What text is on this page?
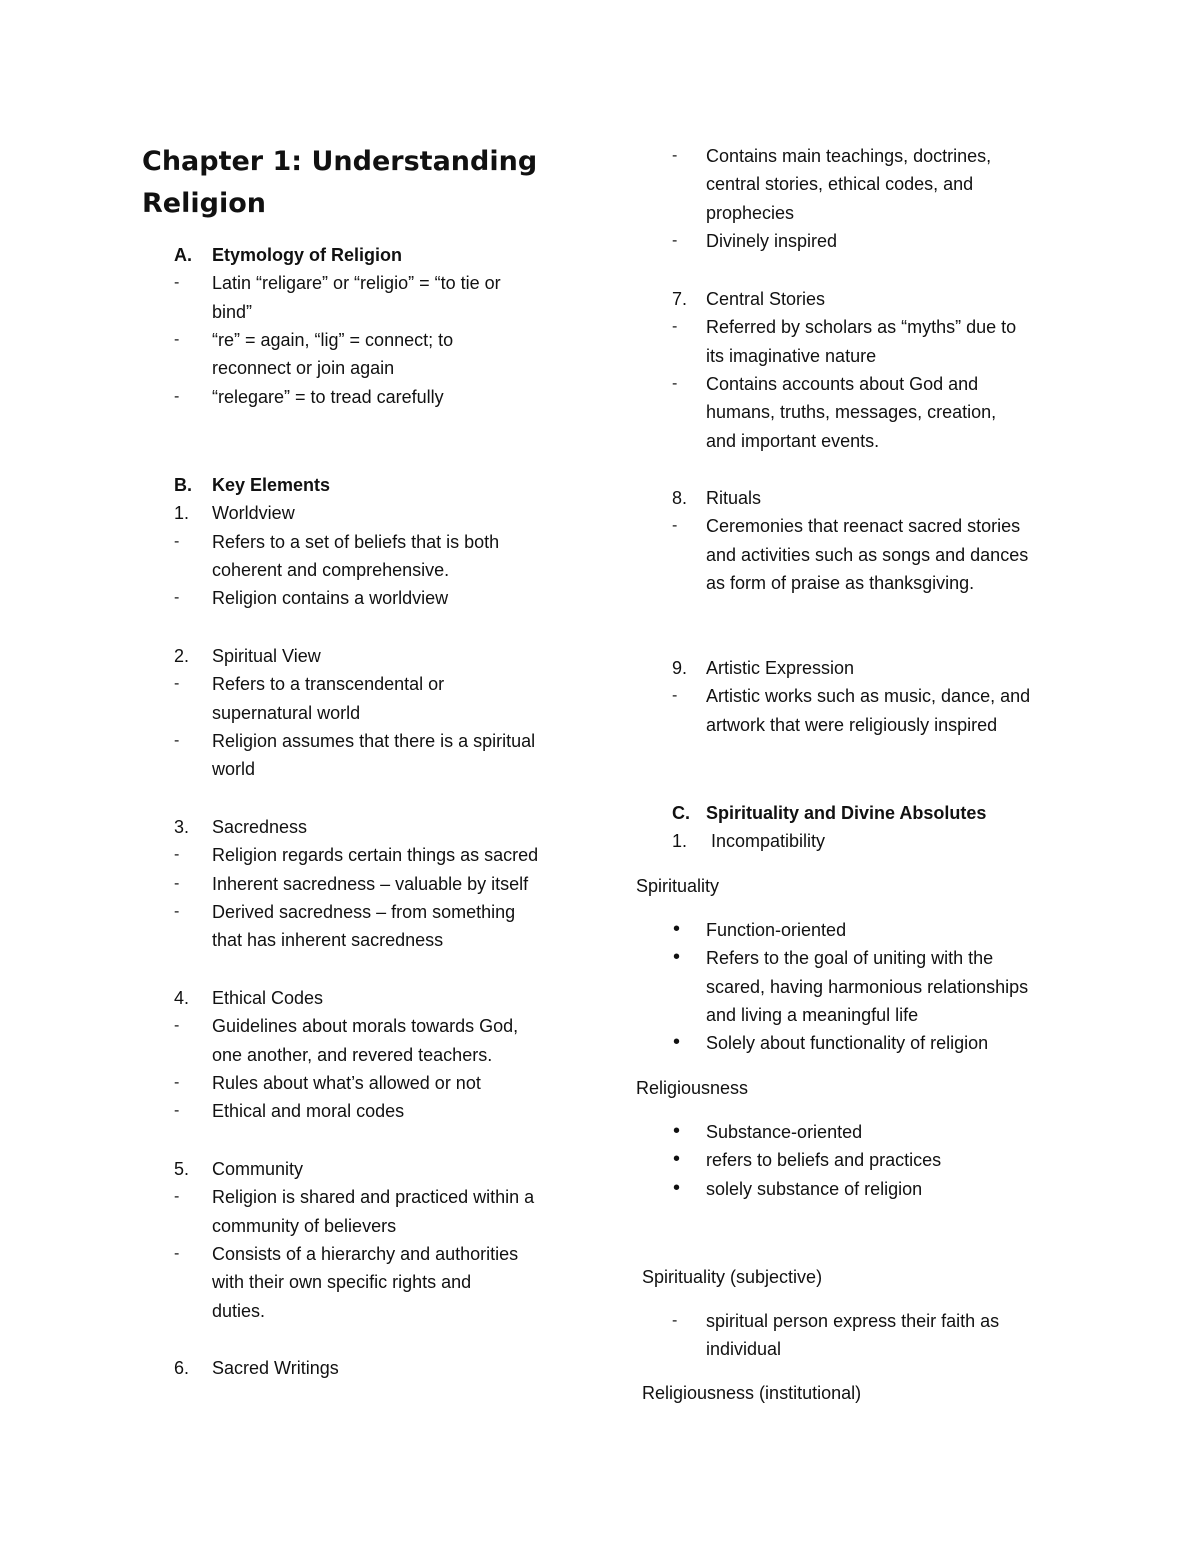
Chapter 1: Understanding Religion
A. Etymology of Religion
- Latin “religare” or “religio” = “to tie or
bind”
- “re” = again, “lig” = connect; to
reconnect or join again
- “relegare” = to tread carefully
B. Key Elements
1. Worldview
- Refers to a set of beliefs that is both
coherent and comprehensive.
- Religion contains a worldview
2. Spiritual View
- Refers to a transcendental or
supernatural world
- Religion assumes that there is a spiritual
world
3. Sacredness
- Religion regards certain things as sacred
- Inherent sacredness – valuable by itself
- Derived sacredness – from something
that has inherent sacredness
4. Ethical Codes
- Guidelines about morals towards God,
one another, and revered teachers.
- Rules about what’s allowed or not
- Ethical and moral codes
5. Community
- Religion is shared and practiced within a
community of believers
- Consists of a hierarchy and authorities
with their own specific rights and
duties.
6. Sacred Writings
- Contains main teachings, doctrines,
central stories, ethical codes, and
prophecies
- Divinely inspired
7. Central Stories
- Referred by scholars as “myths” due to
its imaginative nature
- Contains accounts about God and
humans, truths, messages, creation,
and important events.
8. Rituals
- Ceremonies that reenact sacred stories
and activities such as songs and dances
as form of praise as thanksgiving.
9. Artistic Expression
- Artistic works such as music, dance, and
artwork that were religiously inspired
C. Spirituality and Divine Absolutes
1. Incompatibility
Spirituality
• Function-oriented
• Refers to the goal of uniting with the
scared, having harmonious relationships
and living a meaningful life
• Solely about functionality of religion
Religiousness
• Substance-oriented
• refers to beliefs and practices
• solely substance of religion
Spirituality (subjective)
- spiritual person express their faith as
individual
Religiousness (institutional)
